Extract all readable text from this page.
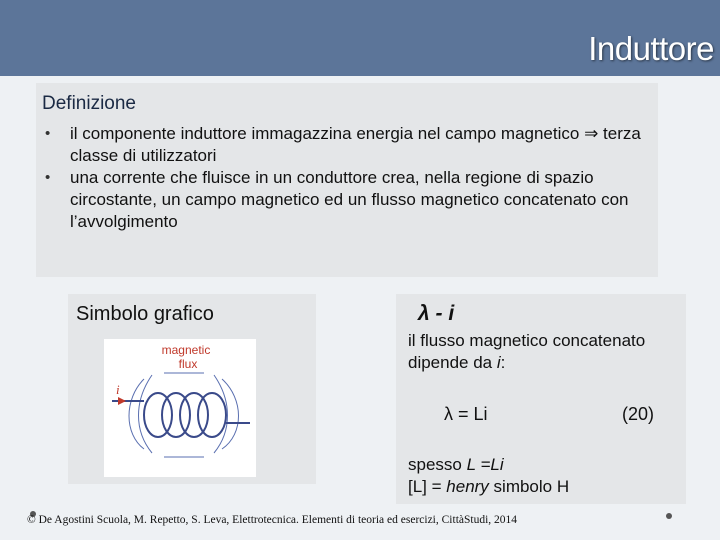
Induttore
Definizione
• il componente induttore immagazzina energia nel campo magnetico ⇒ terza classe di utilizzatori
• una corrente che fluisce in un conduttore crea, nella regione di spazio circostante, un campo magnetico ed un flusso magnetico concatenato con l’avvolgimento
Simbolo grafico
magnetic
flux
i
λ - i
il flusso magnetico concatenato dipende da i:
λ = Li	(20)
spesso L =Li
[L] = henry simbolo H
© De Agostini Scuola, M. Repetto, S. Leva, Elettrotecnica. Elementi di teoria ed esercizi, CittàStudi, 2014
